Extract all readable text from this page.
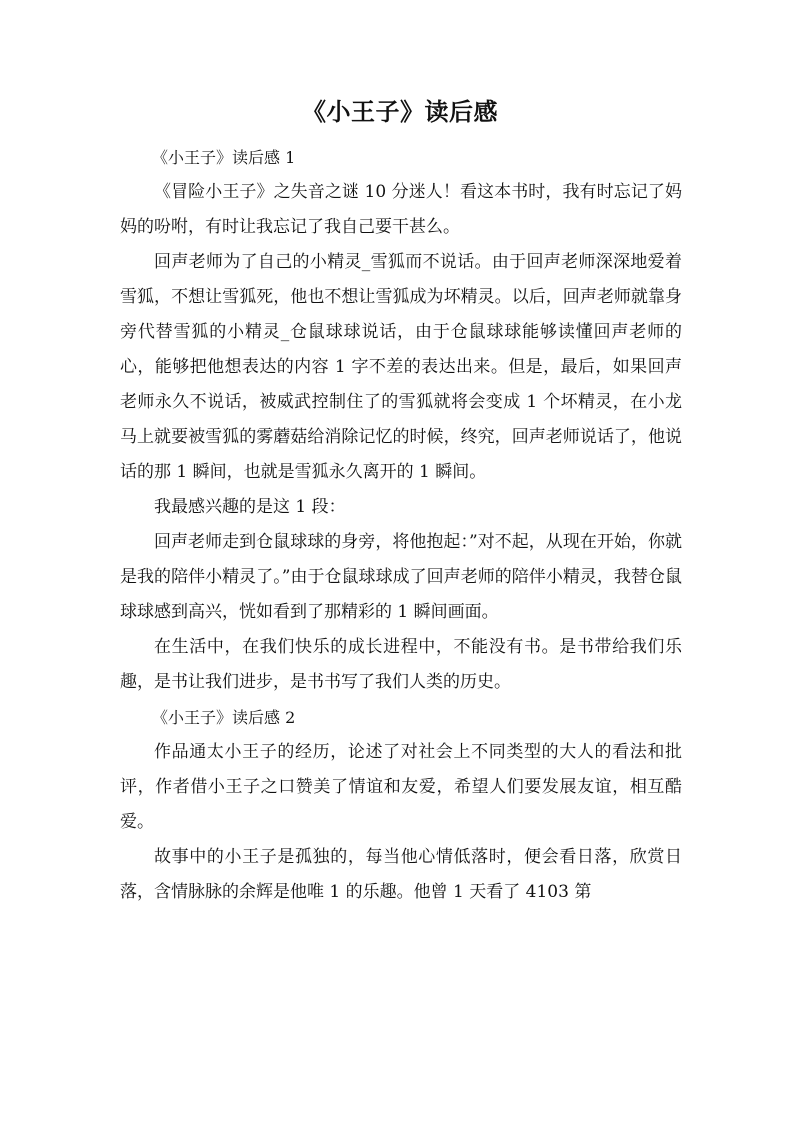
《小王子》读后感

《小王子》读后感 1

《冒险小王子》之失音之谜 10 分迷人！看这本书时，我有时忘记了妈妈的吩咐，有时让我忘记了我自己要干甚么。

回声老师为了自己的小精灵_雪狐而不说话。由于回声老师深深地爱着雪狐，不想让雪狐死，他也不想让雪狐成为坏精灵。以后，回声老师就靠身旁代替雪狐的小精灵_仓鼠球球说话，由于仓鼠球球能够读懂回声老师的心，能够把他想表达的内容 1 字不差的表达出来。但是，最后，如果回声老师永久不说话，被威武控制住了的雪狐就将会变成 1 个坏精灵，在小龙马上就要被雪狐的雾蘑菇给消除记忆的时候，终究，回声老师说话了，他说话的那 1 瞬间，也就是雪狐永久离开的 1 瞬间。

我最感兴趣的是这 1 段：

回声老师走到仓鼠球球的身旁，将他抱起：”对不起，从现在开始，你就是我的陪伴小精灵了。”由于仓鼠球球成了回声老师的陪伴小精灵，我替仓鼠球球感到高兴，恍如看到了那精彩的 1 瞬间画面。

在生活中，在我们快乐的成长进程中，不能没有书。是书带给我们乐趣，是书让我们进步，是书书写了我们人类的历史。

《小王子》读后感 2

作品通太小王子的经历，论述了对社会上不同类型的大人的看法和批评，作者借小王子之口赞美了情谊和友爱，希望人们要发展友谊，相互酷爱。

故事中的小王子是孤独的，每当他心情低落时，便会看日落，欣赏日落，含情脉脉的余辉是他唯 1 的乐趣。他曾 1 天看了 4103 第
